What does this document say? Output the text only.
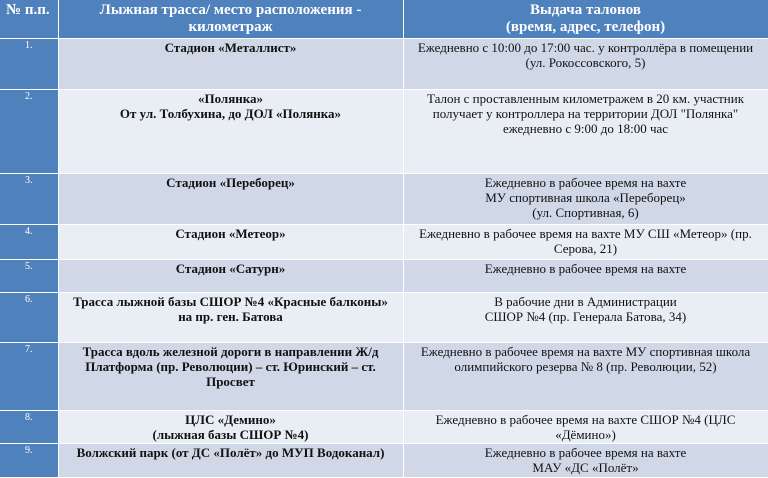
№ п.п.	Лыжная трасса/ место расположения -
километраж	Выдача талонов
(время, адрес, телефон)

1.	Стадион «Металлист»	Ежедневно с 10:00 до 17:00 час. у контроллёра в помещении
(ул. Рокоссовского, 5)

2.	«Полянка»
От ул. Толбухина, до ДОЛ «Полянка»	Талон с проставленным километражем в 20 км. участник
получает у контроллера на территории ДОЛ "Полянка"
ежедневно с 9:00 до 18:00 час

3.	Стадион «Переборец»	Ежедневно в рабочее время на вахте
МУ спортивная школа «Переборец»
(ул. Спортивная, 6)

4.	Стадион «Метеор»	Ежедневно в рабочее время на вахте МУ СШ «Метеор» (пр.
Серова, 21)

5.	Стадион «Сатурн»	Ежедневно в рабочее время на вахте

6.	Трасса лыжной базы СШОР №4 «Красные балконы»
на пр. ген. Батова	В рабочие дни в Администрации
СШОР №4 (пр. Генерала Батова, 34)

7.	Трасса вдоль железной дороги в направлении Ж/д
Платформа (пр. Революции) – ст. Юринский – ст.
Просвет	Ежедневно в рабочее время на вахте МУ спортивная школа
олимпийского резерва № 8 (пр. Революции, 52)

8.	ЦЛС «Демино»
(лыжная базы СШОР №4)	Ежедневно в рабочее время на вахте СШОР №4 (ЦЛС
«Дёмино»)

9.	Волжский парк (от ДС «Полёт» до МУП Водоканал)	Ежедневно в рабочее время на вахте
МАУ «ДС «Полёт»
